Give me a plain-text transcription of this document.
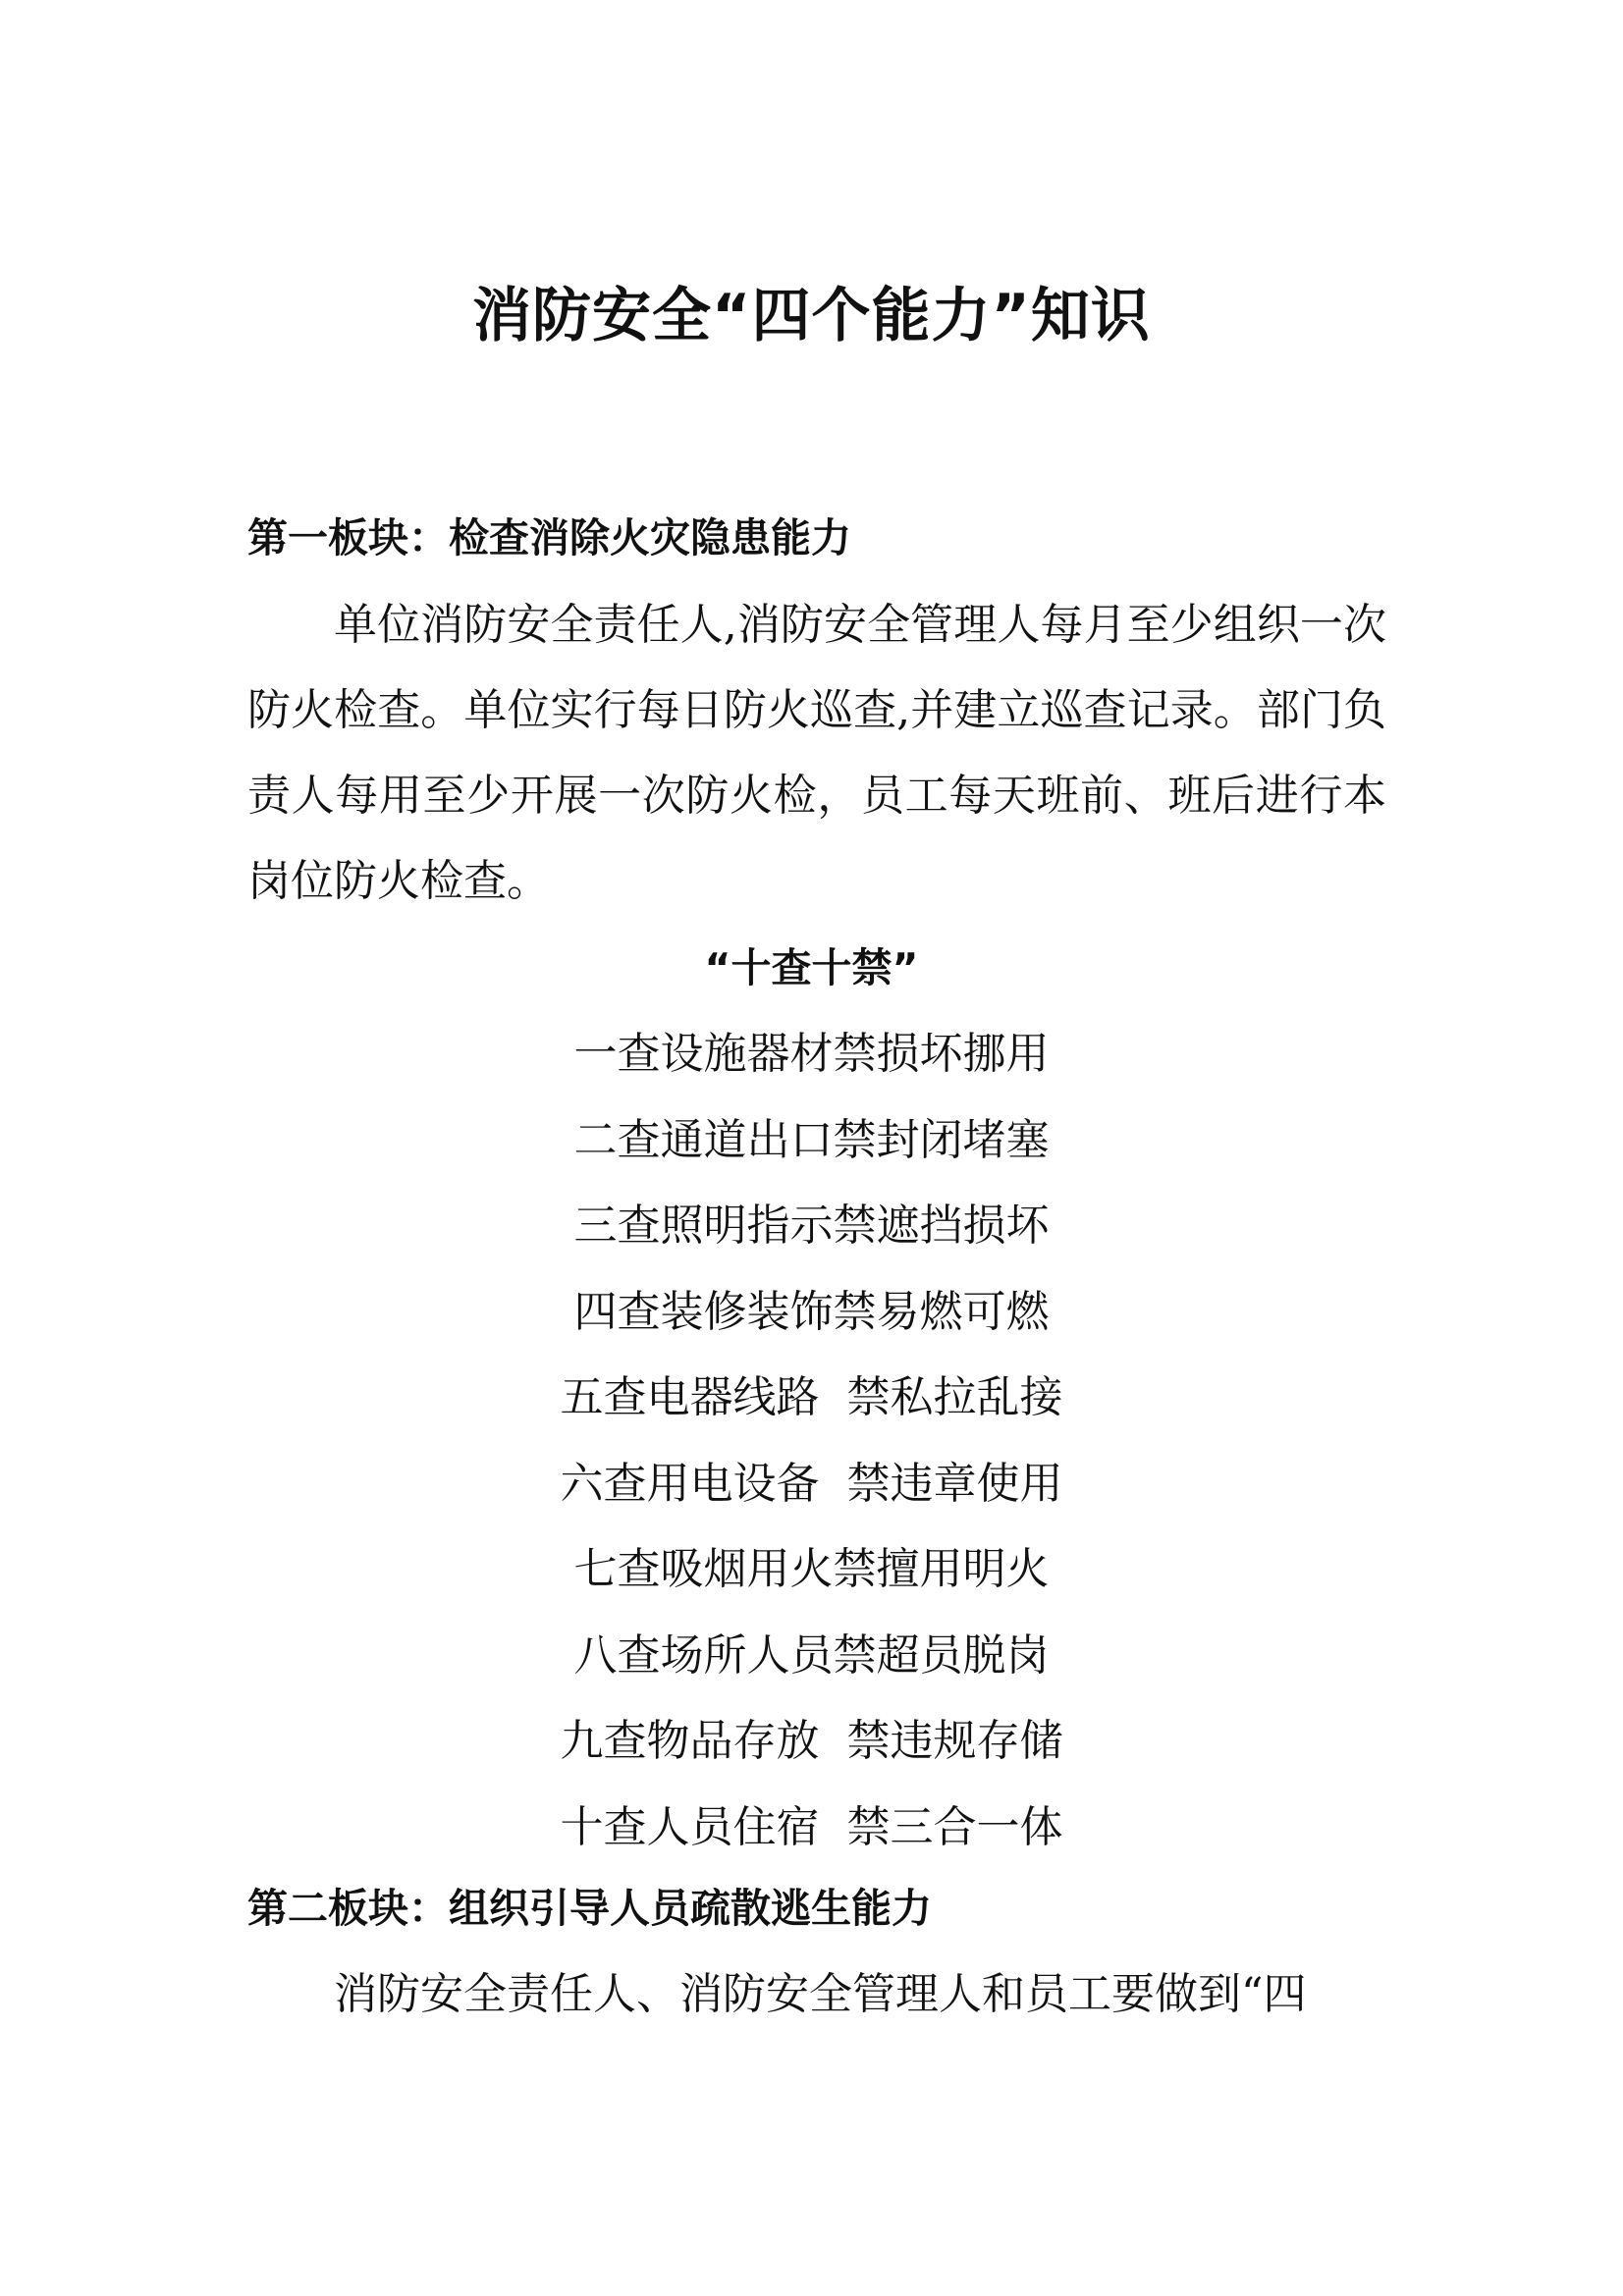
消防安全“四个能力”知识
第一板块：检查消除火灾隐患能力

单位消防安全责任人,消防安全管理人每月至少组织一次防火检查。单位实行每日防火巡查,并建立巡查记录。部门负责人每用至少开展一次防火检，员工每天班前、班后进行本岗位防火检查。

“十查十禁”
一查设施器材禁损坏挪用
二查通道出口禁封闭堵塞
三查照明指示禁遮挡损坏
四查装修装饰禁易燃可燃
五查电器线路  禁私拉乱接
六查用电设备  禁违章使用
七查吸烟用火禁擅用明火
八查场所人员禁超员脱岗
九查物品存放  禁违规存储
十查人员住宿  禁三合一体
第二板块：组织引导人员疏散逃生能力

消防安全责任人、消防安全管理人和员工要做到“四
